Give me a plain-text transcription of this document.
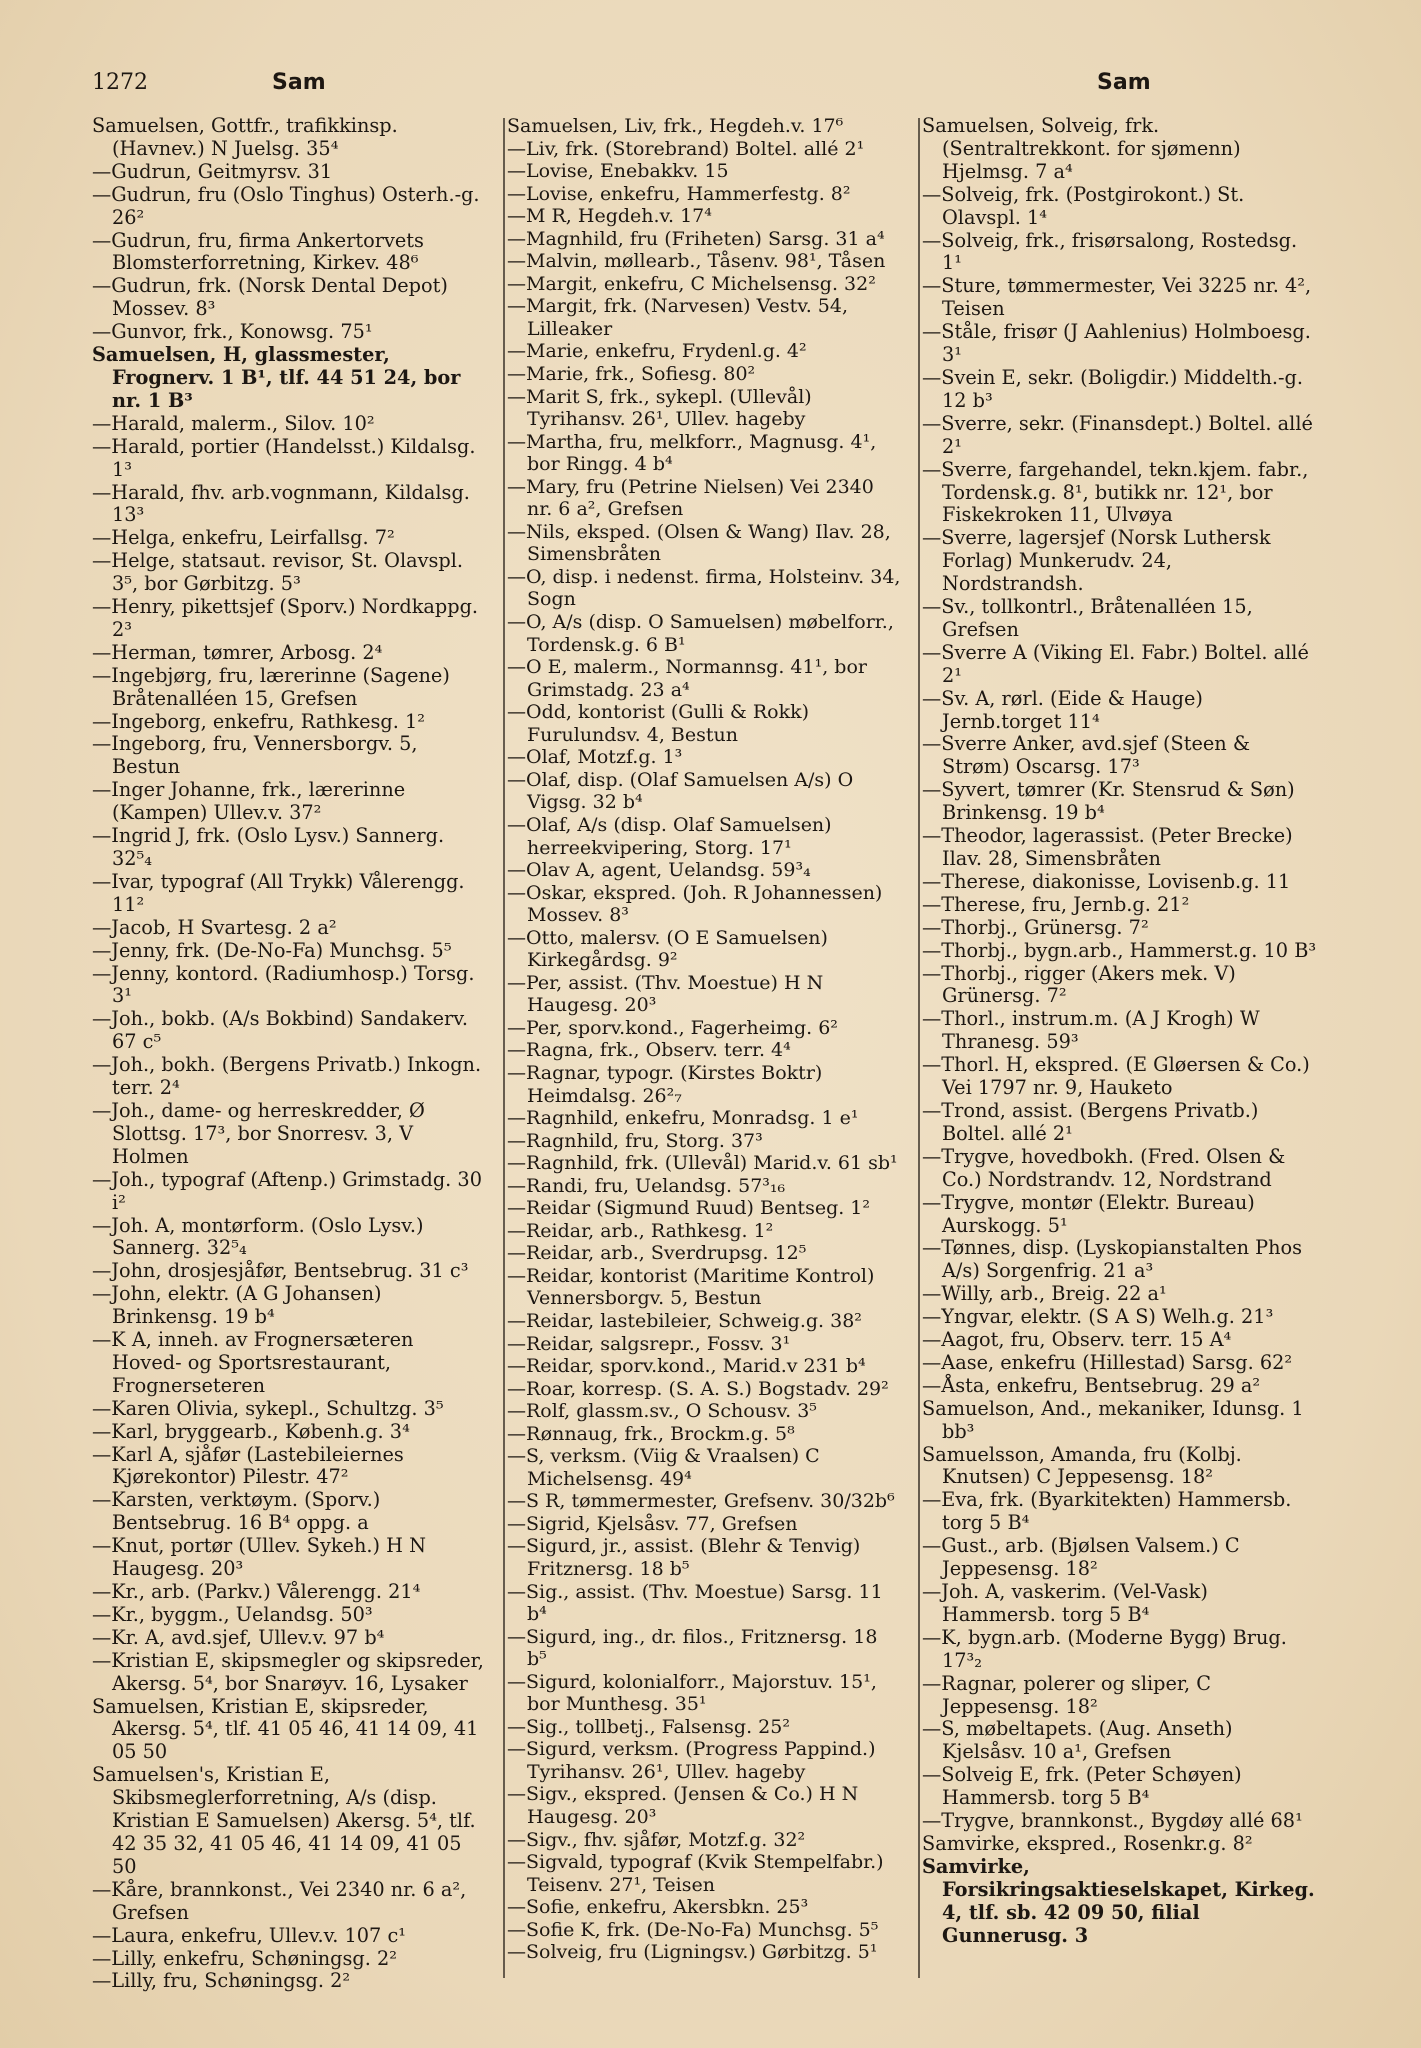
1272	Sam	Sam
Samuelsen, Gottfr., trafikkinsp. (Havnev.) N Juelsg. 35⁴
—Gudrun, Geitmyrsv. 31
—Gudrun, fru (Oslo Tinghus) Osterh.-g. 26²
—Gudrun, fru, firma Ankertorvets Blomsterforretning, Kirkev. 48⁶
—Gudrun, frk. (Norsk Dental Depot) Mossev. 8³
—Gunvor, frk., Konowsg. 75¹
Samuelsen, H, glassmester, Frognerv. 1 B¹, tlf. 44 51 24, bor nr. 1 B³
—Harald, malerm., Silov. 10²
—Harald, portier (Handelsst.) Kildalsg. 1³
—Harald, fhv. arb.vognmann, Kildalsg. 13³
—Helga, enkefru, Leirfallsg. 7²
—Helge, statsaut. revisor, St. Olavspl. 3⁵, bor Gørbitzg. 5³
—Henry, pikettsjef (Sporv.) Nordkappg. 2³
—Herman, tømrer, Arbosg. 2⁴
—Ingebjørg, fru, lærerinne (Sagene) Bråtenalléen 15, Grefsen
—Ingeborg, enkefru, Rathkesg. 1²
—Ingeborg, fru, Vennersborgv. 5, Bestun
—Inger Johanne, frk., lærerinne (Kampen) Ullev.v. 37²
—Ingrid J, frk. (Oslo Lysv.) Sannerg. 32⁵₄
—Ivar, typograf (All Trykk) Vålerengg. 11²
—Jacob, H Svartesg. 2 a²
—Jenny, frk. (De-No-Fa) Munchsg. 5⁵
—Jenny, kontord. (Radiumhosp.) Torsg. 3¹
—Joh., bokb. (A/s Bokbind) Sandakerv. 67 c⁵
—Joh., bokh. (Bergens Privatb.) Inkogn. terr. 2⁴
—Joh., dame- og herreskredder, Ø Slottsg. 17³, bor Snorresv. 3, V Holmen
—Joh., typograf (Aftenp.) Grimstadg. 30 i²
—Joh. A, montørform. (Oslo Lysv.) Sannerg. 32⁵₄
—John, drosjesjåfør, Bentsebrug. 31 c³
—John, elektr. (A G Johansen) Brinkensg. 19 b⁴
—K A, inneh. av Frognersæteren Hoved- og Sportsrestaurant, Frognerseteren
—Karen Olivia, sykepl., Schultzg. 3⁵
—Karl, bryggearb., Københ.g. 3⁴
—Karl A, sjåfør (Lastebileiernes Kjørekontor) Pilestr. 47²
—Karsten, verktøym. (Sporv.) Bentsebrug. 16 B⁴ oppg. a
—Knut, portør (Ullev. Sykeh.) H N Haugesg. 20³
—Kr., arb. (Parkv.) Vålerengg. 21⁴
—Kr., byggm., Uelandsg. 50³
—Kr. A, avd.sjef, Ullev.v. 97 b⁴
—Kristian E, skipsmegler og skipsreder, Akersg. 5⁴, bor Snarøyv. 16, Lysaker
Samuelsen, Kristian E, skipsreder, Akersg. 5⁴, tlf. 41 05 46, 41 14 09, 41 05 50
Samuelsen's, Kristian E, Skibsmeglerforretning, A/s (disp. Kristian E Samuelsen) Akersg. 5⁴, tlf. 42 35 32, 41 05 46, 41 14 09, 41 05 50
—Kåre, brannkonst., Vei 2340 nr. 6 a², Grefsen
—Laura, enkefru, Ullev.v. 107 c¹
—Lilly, enkefru, Schøningsg. 2²
—Lilly, fru, Schøningsg. 2²
Samuelsen, Liv, frk., Hegdeh.v. 17⁶
—Liv, frk. (Storebrand) Boltel. allé 2¹
—Lovise, Enebakkv. 15
—Lovise, enkefru, Hammerfestg. 8²
—M R, Hegdeh.v. 17⁴
—Magnhild, fru (Friheten) Sarsg. 31 a⁴
—Malvin, møllearb., Tåsenv. 98¹, Tåsen
—Margit, enkefru, C Michelsensg. 32²
—Margit, frk. (Narvesen) Vestv. 54, Lilleaker
—Marie, enkefru, Frydenl.g. 4²
—Marie, frk., Sofiesg. 80²
—Marit S, frk., sykepl. (Ullevål) Tyrihansv. 26¹, Ullev. hageby
—Martha, fru, melkforr., Magnusg. 4¹, bor Ringg. 4 b⁴
—Mary, fru (Petrine Nielsen) Vei 2340 nr. 6 a², Grefsen
—Nils, eksped. (Olsen & Wang) Ilav. 28, Simensbråten
—O, disp. i nedenst. firma, Holsteinv. 34, Sogn
—O, A/s (disp. O Samuelsen) møbelforr., Tordensk.g. 6 B¹
—O E, malerm., Normannsg. 41¹, bor Grimstadg. 23 a⁴
—Odd, kontorist (Gulli & Rokk) Furulundsv. 4, Bestun
—Olaf, Motzf.g. 1³
—Olaf, disp. (Olaf Samuelsen A/s) O Vigsg. 32 b⁴
—Olaf, A/s (disp. Olaf Samuelsen) herreekvipering, Storg. 17¹
—Olav A, agent, Uelandsg. 59³₄
—Oskar, ekspred. (Joh. R Johannessen) Mossev. 8³
—Otto, malersv. (O E Samuelsen) Kirkegårdsg. 9²
—Per, assist. (Thv. Moestue) H N Haugesg. 20³
—Per, sporv.kond., Fagerheimg. 6²
—Ragna, frk., Observ. terr. 4⁴
—Ragnar, typogr. (Kirstes Boktr) Heimdalsg. 26²₇
—Ragnhild, enkefru, Monradsg. 1 e¹
—Ragnhild, fru, Storg. 37³
—Ragnhild, frk. (Ullevål) Marid.v. 61 sb¹
—Randi, fru, Uelandsg. 57³₁₆
—Reidar (Sigmund Ruud) Bentseg. 1²
—Reidar, arb., Rathkesg. 1²
—Reidar, arb., Sverdrupsg. 12⁵
—Reidar, kontorist (Maritime Kontrol) Vennersborgv. 5, Bestun
—Reidar, lastebileier, Schweig.g. 38²
—Reidar, salgsrepr., Fossv. 3¹
—Reidar, sporv.kond., Marid.v 231 b⁴
—Roar, korresp. (S. A. S.) Bogstadv. 29²
—Rolf, glassm.sv., O Schousv. 3⁵
—Rønnaug, frk., Brockm.g. 5⁸
—S, verksm. (Viig & Vraalsen) C Michelsensg. 49⁴
—S R, tømmermester, Grefsenv. 30/32b⁶
—Sigrid, Kjelsåsv. 77, Grefsen
—Sigurd, jr., assist. (Blehr & Tenvig) Fritznersg. 18 b⁵
—Sig., assist. (Thv. Moestue) Sarsg. 11 b⁴
—Sigurd, ing., dr. filos., Fritznersg. 18 b⁵
—Sigurd, kolonialforr., Majorstuv. 15¹, bor Munthesg. 35¹
—Sig., tollbetj., Falsensg. 25²
—Sigurd, verksm. (Progress Pappind.) Tyrihansv. 26¹, Ullev. hageby
—Sigv., ekspred. (Jensen & Co.) H N Haugesg. 20³
—Sigv., fhv. sjåfør, Motzf.g. 32²
—Sigvald, typograf (Kvik Stempelfabr.) Teisenv. 27¹, Teisen
—Sofie, enkefru, Akersbkn. 25³
—Sofie K, frk. (De-No-Fa) Munchsg. 5⁵
—Solveig, fru (Ligningsv.) Gørbitzg. 5¹
Samuelsen, Solveig, frk. (Sentraltrekkont. for sjømenn) Hjelmsg. 7 a⁴
—Solveig, frk. (Postgirokont.) St. Olavspl. 1⁴
—Solveig, frk., frisørsalong, Rostedsg. 1¹
—Sture, tømmermester, Vei 3225 nr. 4², Teisen
—Ståle, frisør (J Aahlenius) Holmboesg. 3¹
—Svein E, sekr. (Boligdir.) Middelth.-g. 12 b³
—Sverre, sekr. (Finansdept.) Boltel. allé 2¹
—Sverre, fargehandel, tekn.kjem. fabr., Tordensk.g. 8¹, butikk nr. 12¹, bor Fiskekroken 11, Ulvøya
—Sverre, lagersjef (Norsk Luthersk Forlag) Munkerudv. 24, Nordstrandsh.
—Sv., tollkontrl., Bråtenalléen 15, Grefsen
—Sverre A (Viking El. Fabr.) Boltel. allé 2¹
—Sv. A, rørl. (Eide & Hauge) Jernb.torget 11⁴
—Sverre Anker, avd.sjef (Steen & Strøm) Oscarsg. 17³
—Syvert, tømrer (Kr. Stensrud & Søn) Brinkensg. 19 b⁴
—Theodor, lagerassist. (Peter Brecke) Ilav. 28, Simensbråten
—Therese, diakonisse, Lovisenb.g. 11
—Therese, fru, Jernb.g. 21²
—Thorbj., Grünersg. 7²
—Thorbj., bygn.arb., Hammerst.g. 10 B³
—Thorbj., rigger (Akers mek. V) Grünersg. 7²
—Thorl., instrum.m. (A J Krogh) W Thranesg. 59³
—Thorl. H, ekspred. (E Gløersen & Co.) Vei 1797 nr. 9, Hauketo
—Trond, assist. (Bergens Privatb.) Boltel. allé 2¹
—Trygve, hovedbokh. (Fred. Olsen & Co.) Nordstrandv. 12, Nordstrand
—Trygve, montør (Elektr. Bureau) Aurskogg. 5¹
—Tønnes, disp. (Lyskopianstalten Phos A/s) Sorgenfrig. 21 a³
—Willy, arb., Breig. 22 a¹
—Yngvar, elektr. (S A S) Welh.g. 21³
—Aagot, fru, Observ. terr. 15 A⁴
—Aase, enkefru (Hillestad) Sarsg. 62²
—Åsta, enkefru, Bentsebrug. 29 a²
Samuelson, And., mekaniker, Idunsg. 1 bb³
Samuelsson, Amanda, fru (Kolbj. Knutsen) C Jeppesensg. 18²
—Eva, frk. (Byarkitekten) Hammersb. torg 5 B⁴
—Gust., arb. (Bjølsen Valsem.) C Jeppesensg. 18²
—Joh. A, vaskerim. (Vel-Vask) Hammersb. torg 5 B⁴
—K, bygn.arb. (Moderne Bygg) Brug. 17³₂
—Ragnar, polerer og sliper, C Jeppesensg. 18²
—S, møbeltapets. (Aug. Anseth) Kjelsåsv. 10 a¹, Grefsen
—Solveig E, frk. (Peter Schøyen) Hammersb. torg 5 B⁴
—Trygve, brannkonst., Bygdøy allé 68¹
Samvirke, ekspred., Rosenkr.g. 8²
Samvirke, Forsikringsaktieselskapet, Kirkeg. 4, tlf. sb. 42 09 50, filial Gunnerusg. 3
